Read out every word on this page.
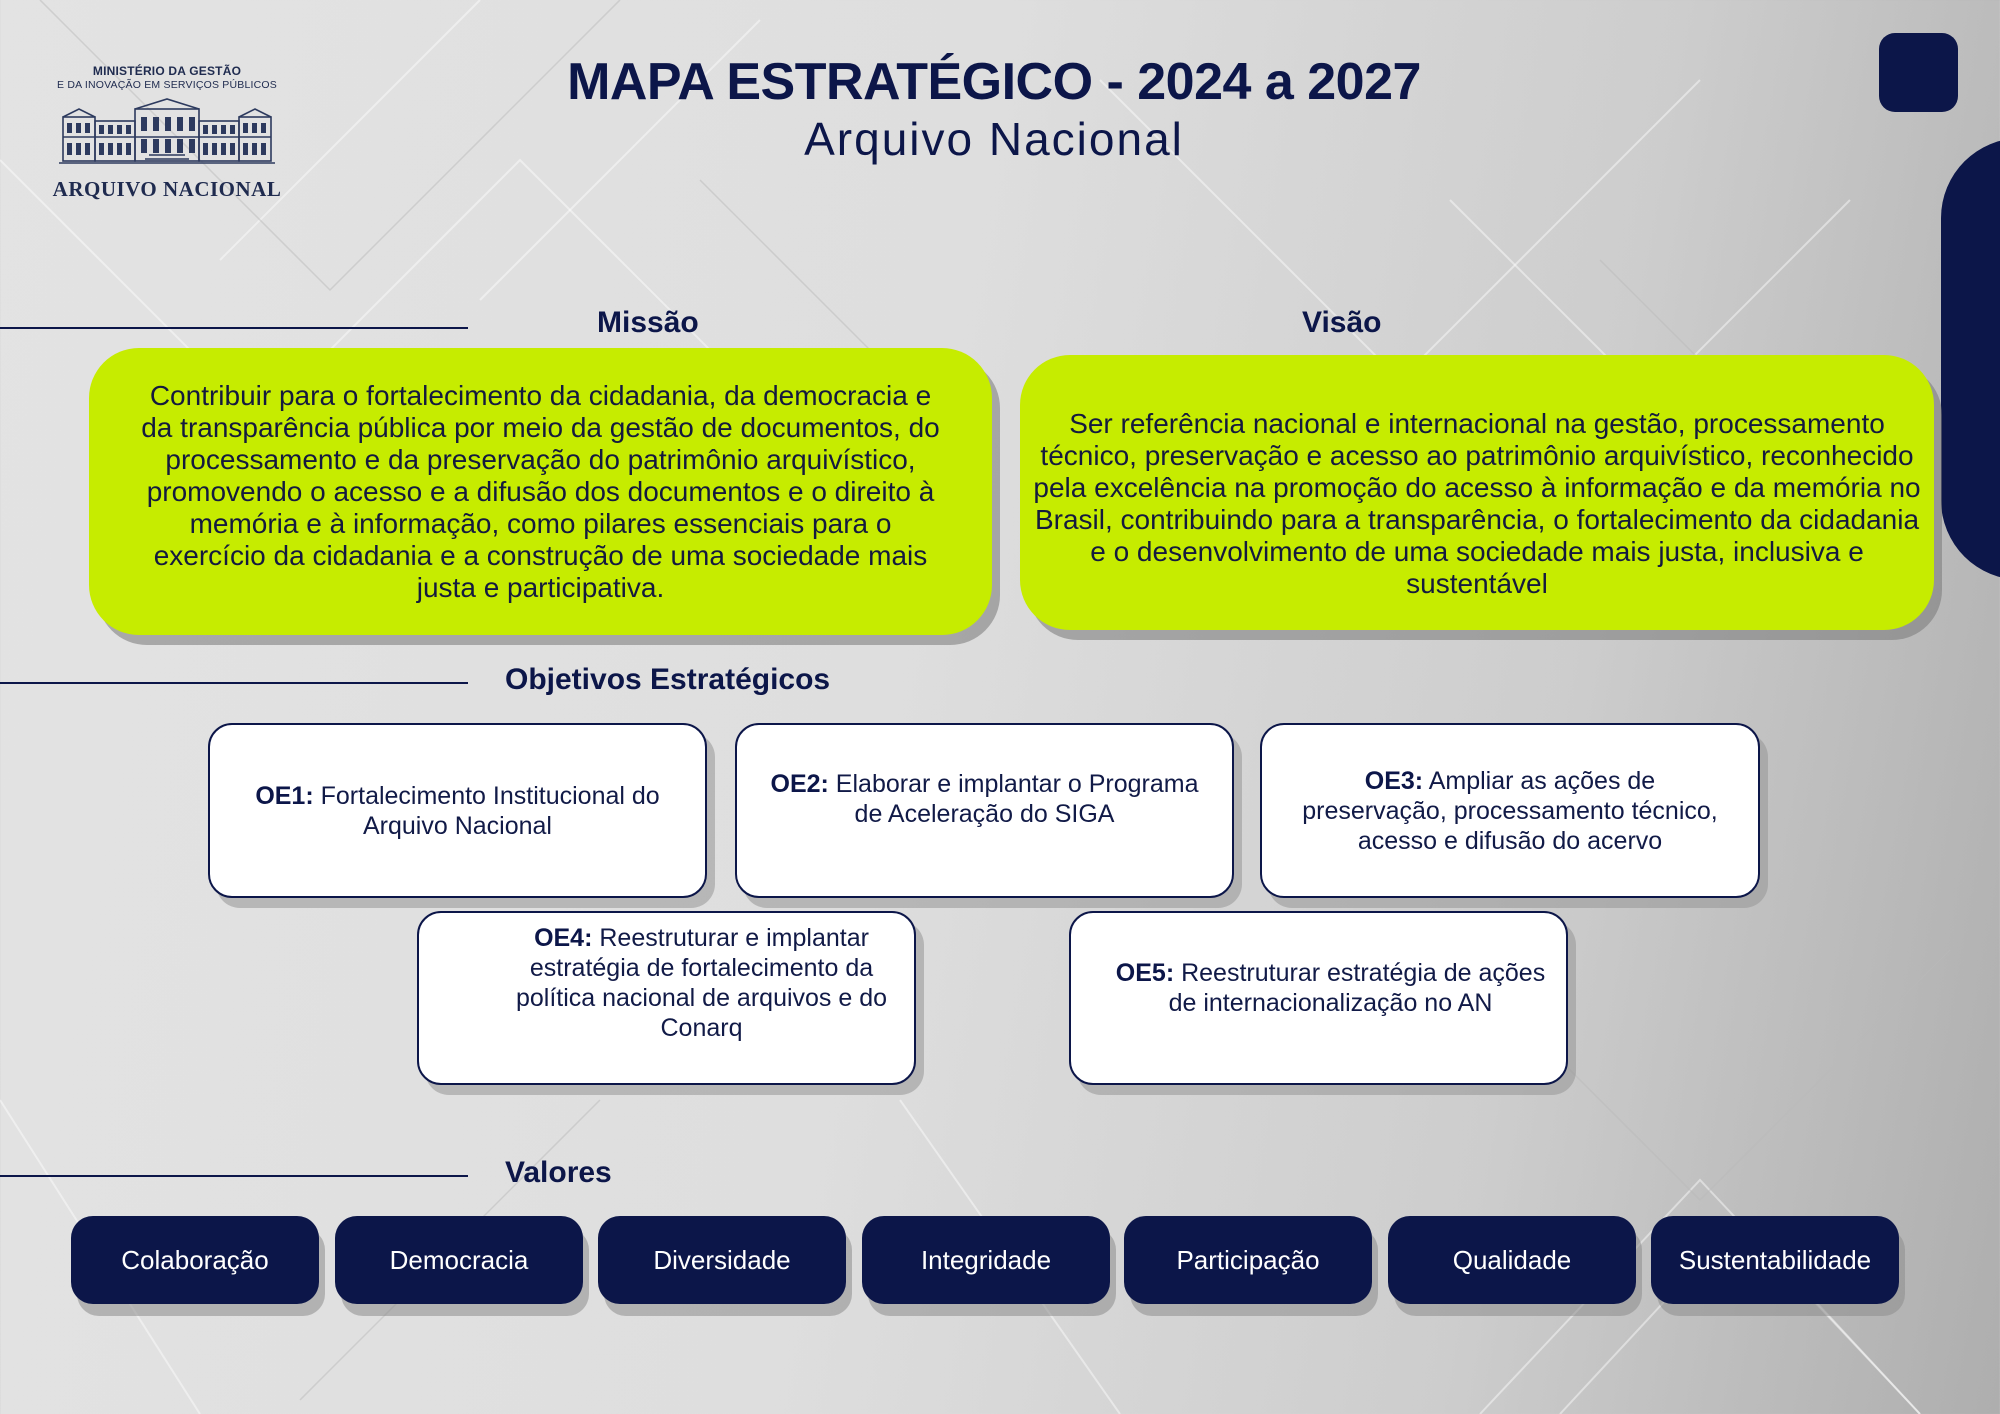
MINISTÉRIO DA GESTÃO
E DA INOVAÇÃO EM SERVIÇOS PÚBLICOS
ARQUIVO NACIONAL
MAPA ESTRATÉGICO - 2024 a 2027
Arquivo Nacional
Missão	Visão
Contribuir para o fortalecimento da cidadania, da democracia e da transparência pública por meio da gestão de documentos, do processamento e da preservação do patrimônio arquivístico, promovendo o acesso e a difusão dos documentos e o direito à memória e à informação, como pilares essenciais para o exercício da cidadania e a construção de uma sociedade mais justa e participativa.
Ser referência nacional e internacional na gestão, processamento técnico, preservação e acesso ao patrimônio arquivístico, reconhecido pela excelência na promoção do acesso à informação e da memória no Brasil, contribuindo para a transparência, o fortalecimento da cidadania e o desenvolvimento de uma sociedade mais justa, inclusiva e sustentável
Objetivos Estratégicos
OE1: Fortalecimento Institucional do Arquivo Nacional
OE2: Elaborar e implantar o Programa de Aceleração do SIGA
OE3: Ampliar as ações de preservação, processamento técnico, acesso e difusão do acervo
OE4: Reestruturar e implantar estratégia de fortalecimento da política nacional de arquivos e do Conarq
OE5: Reestruturar estratégia de ações de internacionalização no AN
Valores
Colaboração	Democracia	Diversidade	Integridade	Participação	Qualidade	Sustentabilidade
